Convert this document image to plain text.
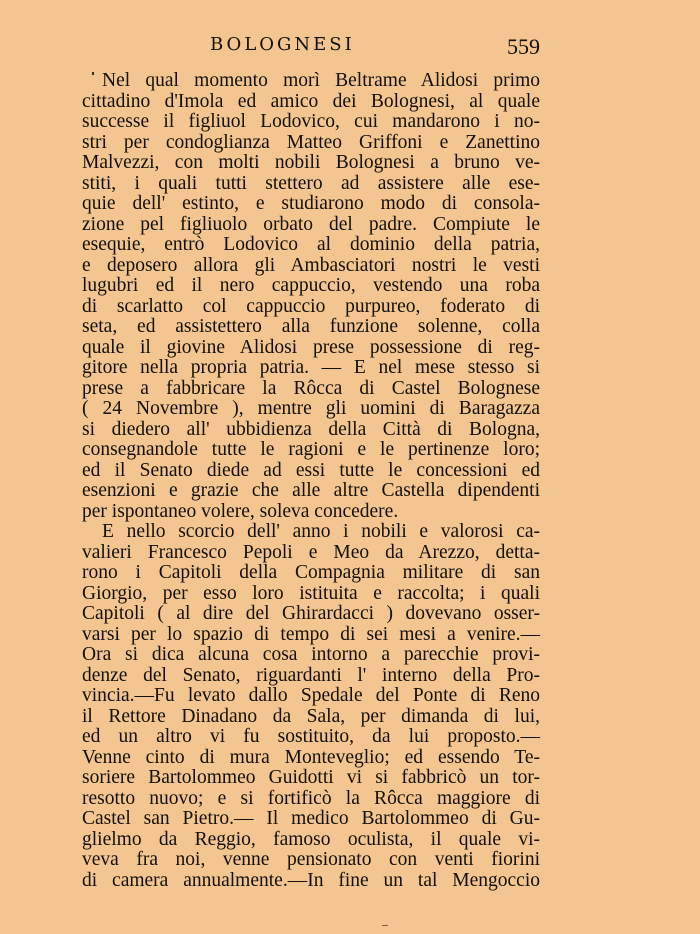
BOLOGNESI	559
Nel qual momento morì Beltrame Alidosi primo
cittadino d'Imola ed amico dei Bolognesi, al quale
successe il figliuol Lodovico, cui mandarono i no-
stri per condoglianza Matteo Griffoni e Zanettino
Malvezzi, con molti nobili Bolognesi a bruno ve-
stiti, i quali tutti stettero ad assistere alle ese-
quie dell' estinto, e studiarono modo di consola-
zione pel figliuolo orbato del padre. Compiute le
esequie, entrò Lodovico al dominio della patria,
e deposero allora gli Ambasciatori nostri le vesti
lugubri ed il nero cappuccio, vestendo una roba
di scarlatto col cappuccio purpureo, foderato di
seta, ed assistettero alla funzione solenne, colla
quale il giovine Alidosi prese possessione di reg-
gitore nella propria patria. — E nel mese stesso si
prese a fabbricare la Rôcca di Castel Bolognese
( 24 Novembre ), mentre gli uomini di Baragazza
si diedero all' ubbidienza della Città di Bologna,
consegnandole tutte le ragioni e le pertinenze loro;
ed il Senato diede ad essi tutte le concessioni ed
esenzioni e grazie che alle altre Castella dipendenti
per ispontaneo volere, soleva concedere.
E nello scorcio dell' anno i nobili e valorosi ca-
valieri Francesco Pepoli e Meo da Arezzo, detta-
rono i Capitoli della Compagnia militare di san
Giorgio, per esso loro istituita e raccolta; i quali
Capitoli ( al dire del Ghirardacci ) dovevano osser-
varsi per lo spazio di tempo di sei mesi a venire.—
Ora si dica alcuna cosa intorno a parecchie provi-
denze del Senato, riguardanti l' interno della Pro-
vincia.—Fu levato dallo Spedale del Ponte di Reno
il Rettore Dinadano da Sala, per dimanda di lui,
ed un altro vi fu sostituito, da lui proposto.—
Venne cinto di mura Monteveglio; ed essendo Te-
soriere Bartolommeo Guidotti vi si fabbricò un tor-
resotto nuovo; e si fortificò la Rôcca maggiore di
Castel san Pietro.— Il medico Bartolommeo di Gu-
glielmo da Reggio, famoso oculista, il quale vi-
veva fra noi, venne pensionato con venti fiorini
di camera annualmente.—In fine un tal Mengoccio
